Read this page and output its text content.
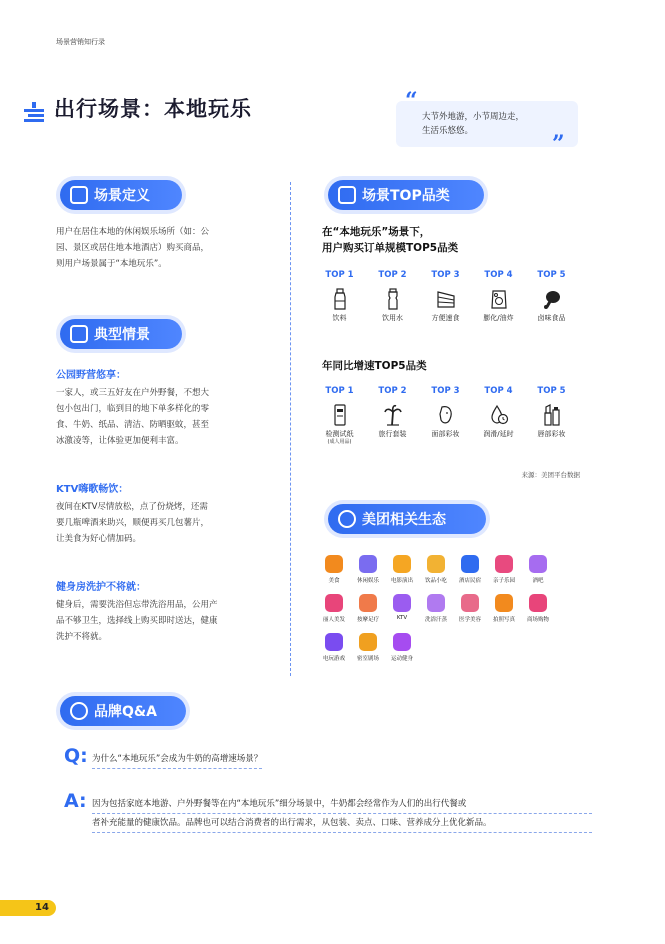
场景营销知行录
出行场景：本地玩乐	大节外地游，小节周边走，
生活乐悠悠。
“
”
场景定义
用户在居住本地的休闲娱乐场所（如：公
园、景区或居住地本地酒店）购买商品，
则用户场景属于“本地玩乐”。
典型情景
公园野营悠享：
一家人，或三五好友在户外野餐，不想大
包小包出门，临到目的地下单多样化的零
食、牛奶、纸品、清洁、防晒驱蚊，甚至
冰激凌等，让体验更加便利丰富。
KTV嗨歌畅饮：
夜间在KTV尽情放松，点了份烧烤，还需
要几瓶啤酒来助兴，顺便再买几包薯片，
让美食为好心情加码。
健身房洗护不将就：
健身后，需要洗浴但忘带洗浴用品，公用产
品不够卫生，选择线上购买即时送达，健康
洗护不将就。
场景TOP品类
在“本地玩乐”场景下，
用户购买订单规模TOP5品类
TOP 1
饮料
TOP 2
饮用水
TOP 3
方便速食
TOP 4
膨化/油炸
TOP 5
卤味食品
年同比增速TOP5品类
TOP 1
检测试纸
(成人用品)
TOP 2
旅行套装
TOP 3
面部彩妆
TOP 4
润滑/延时
TOP 5
唇部彩妆
来源：美团平台数据
美团相关生态
美食	休闲娱乐	电影演出	饮品小吃	酒店民宿	亲子乐园	酒吧
丽人美发	按摩足疗	KTV	洗浴汗蒸	医学美容	拍照写真	商场购物
电玩游戏	密室剧场	运动健身
品牌Q&A
Q: 为什么“本地玩乐”会成为牛奶的高增速场景？
A: 因为包括家庭本地游、户外野餐等在内“本地玩乐”细分场景中，牛奶都会经常作为人们的出行代餐或
者补充能量的健康饮品。品牌也可以结合消费者的出行需求，从包装、卖点、口味、营养成分上优化新品。
14
